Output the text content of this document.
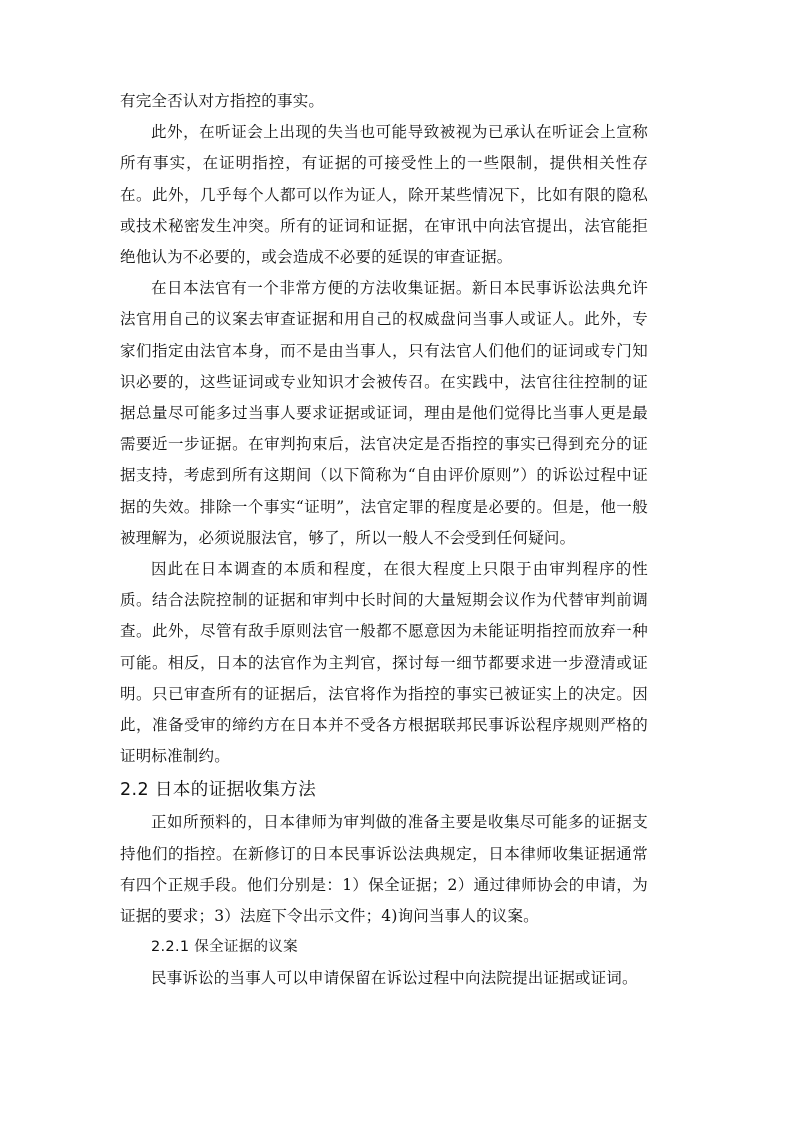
有完全否认对方指控的事实。

此外，在听证会上出现的失当也可能导致被视为已承认在听证会上宣称所有事实，在证明指控，有证据的可接受性上的一些限制，提供相关性存在。此外，几乎每个人都可以作为证人，除开某些情况下，比如有限的隐私或技术秘密发生冲突。所有的证词和证据，在审讯中向法官提出，法官能拒绝他认为不必要的，或会造成不必要的延误的审查证据。

在日本法官有一个非常方便的方法收集证据。新日本民事诉讼法典允许法官用自己的议案去审查证据和用自己的权威盘问当事人或证人。此外，专家们指定由法官本身，而不是由当事人，只有法官人们他们的证词或专门知识必要的，这些证词或专业知识才会被传召。在实践中，法官往往控制的证据总量尽可能多过当事人要求证据或证词，理由是他们觉得比当事人更是最需要近一步证据。在审判拘束后，法官决定是否指控的事实已得到充分的证据支持，考虑到所有这期间（以下简称为“自由评价原则”）的诉讼过程中证据的失效。排除一个事实“证明”，法官定罪的程度是必要的。但是，他一般被理解为，必须说服法官，够了，所以一般人不会受到任何疑问。

因此在日本调查的本质和程度，在很大程度上只限于由审判程序的性质。结合法院控制的证据和审判中长时间的大量短期会议作为代替审判前调查。此外，尽管有敌手原则法官一般都不愿意因为未能证明指控而放弃一种可能。相反，日本的法官作为主判官，探讨每一细节都要求进一步澄清或证明。只已审查所有的证据后，法官将作为指控的事实已被证实上的决定。因此，准备受审的缔约方在日本并不受各方根据联邦民事诉讼程序规则严格的证明标准制约。

2.2 日本的证据收集方法

正如所预料的，日本律师为审判做的准备主要是收集尽可能多的证据支持他们的指控。在新修订的日本民事诉讼法典规定，日本律师收集证据通常有四个正规手段。他们分别是：1）保全证据；2）通过律师协会的申请，为证据的要求；3）法庭下令出示文件；4)询问当事人的议案。

2.2.1 保全证据的议案

民事诉讼的当事人可以申请保留在诉讼过程中向法院提出证据或证词。
